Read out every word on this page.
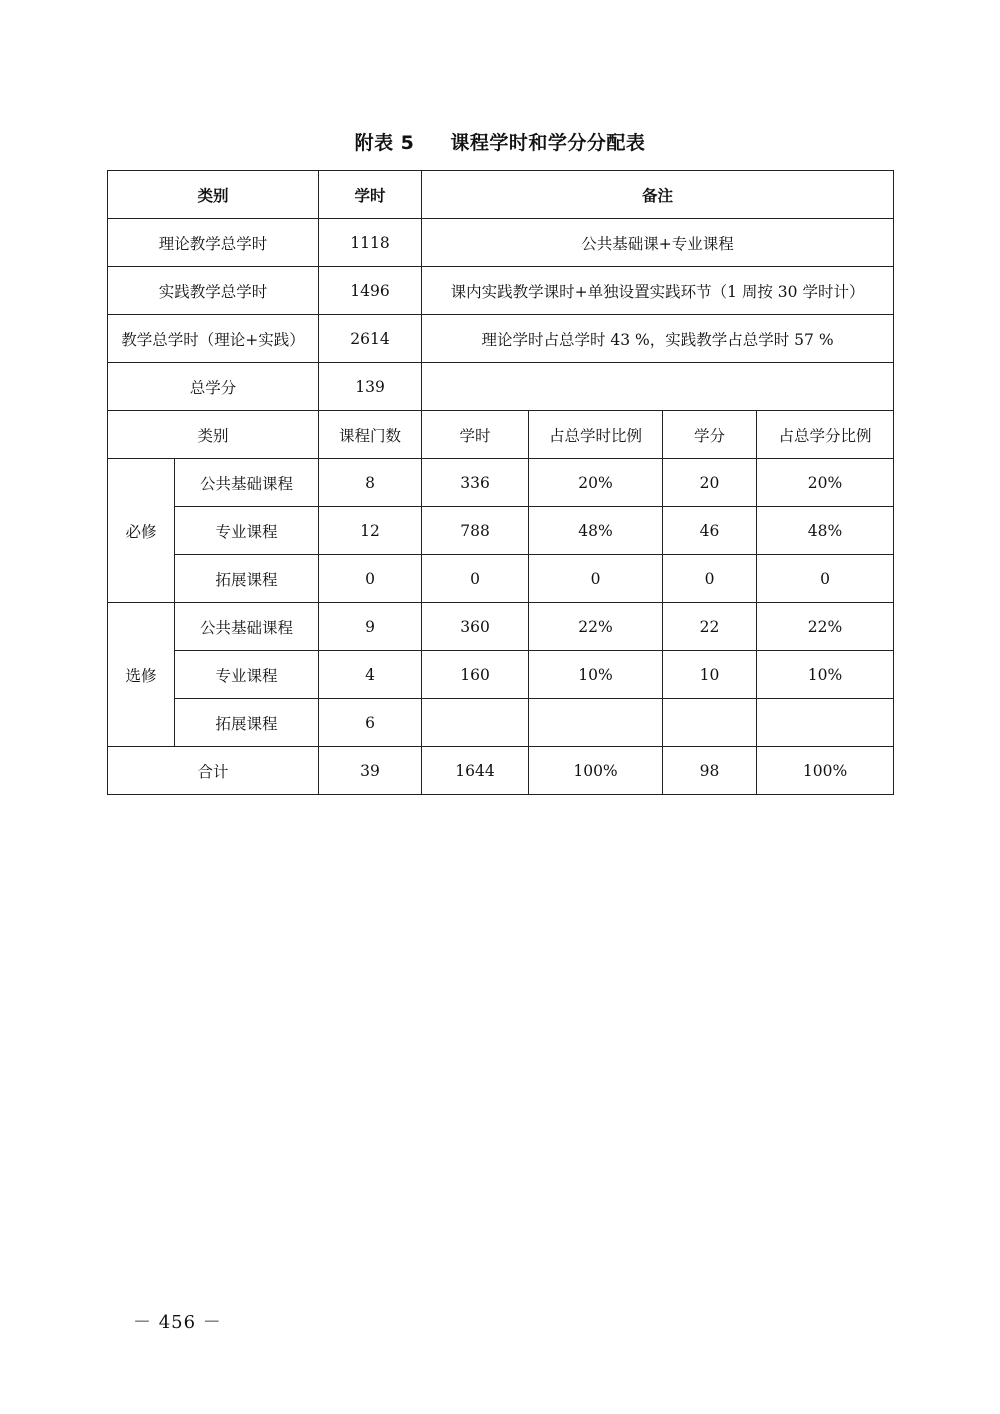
附表 5 课程学时和学分分配表
类别		学时	备注			
理论教学总学时		1118	公共基础课+专业课程			
实践教学总学时		1496	课内实践教学课时+单独设置实践环节（1 周按 30 学时计）			
教学总学时（理论+实践）		2614	理论学时占总学时 43 %，实践教学占总学时 57 %			
总学分		139				
类别		课程门数	学时	占总学时比例	学分	占总学分比例
必修	公共基础课程	8	336	20%	20	20%
	专业课程	12	788	48%	46	48%
	拓展课程	0	0	0	0	0
选修	公共基础课程	9	360	22%	22	22%
	专业课程	4	160	10%	10	10%
	拓展课程	6				
合计		39	1644	100%	98	100%
－ 456 －
